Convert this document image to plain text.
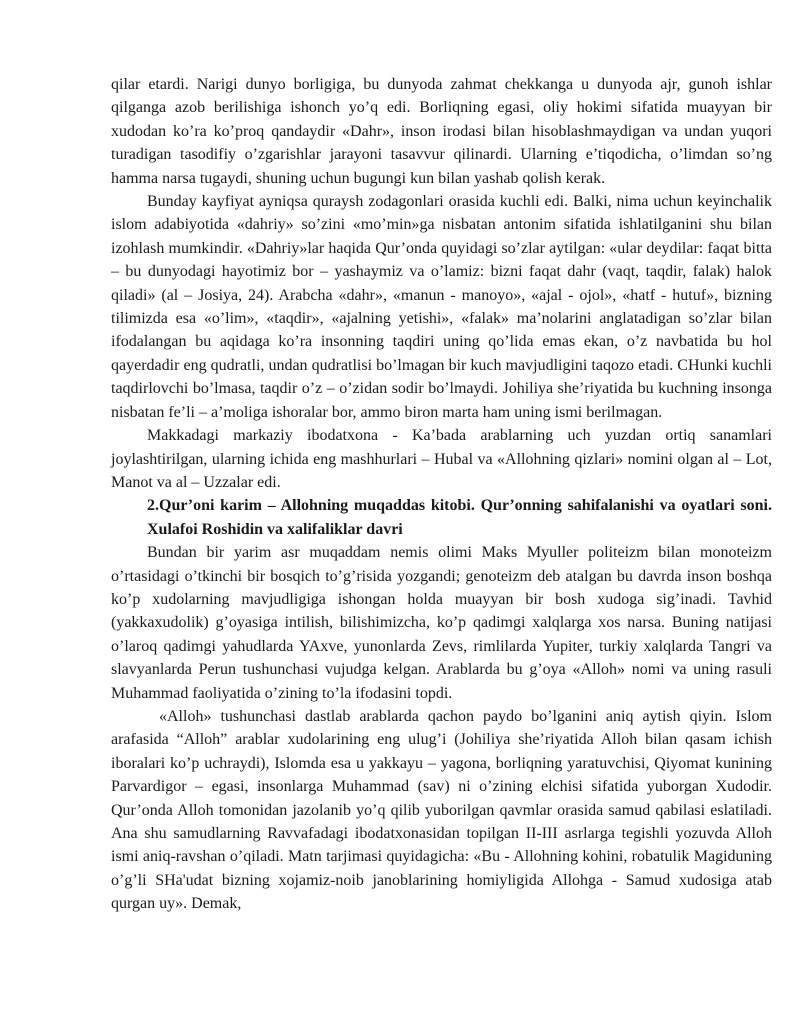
qilar etardi. Narigi dunyo borligiga, bu dunyoda zahmat chekkanga u dunyoda ajr, gunoh ishlar qilganga azob berilishiga ishonch yo’q edi. Borliqning egasi, oliy hokimi sifatida muayyan bir xudodan ko’ra ko’proq qandaydir «Dahr», inson irodasi bilan hisoblashmaydigan va undan yuqori turadigan tasodifiy o’zgarishlar jarayoni tasavvur qilinardi. Ularning e’tiqodicha, o’limdan so’ng hamma narsa tugaydi, shuning uchun bugungi kun bilan yashab qolish kerak.

Bunday kayfiyat ayniqsa quraysh zodagonlari orasida kuchli edi. Balki, nima uchun keyinchalik islom adabiyotida «dahriy» so’zini «mo’min»ga nisbatan antonim sifatida ishlatilganini shu bilan izohlash mumkindir. «Dahriy»lar haqida Qur’onda quyidagi so’zlar aytilgan: «ular deydilar: faqat bitta – bu dunyodagi hayotimiz bor – yashaymiz va o’lamiz: bizni faqat dahr (vaqt, taqdir, falak) halok qiladi» (al – Josiya, 24). Arabcha «dahr», «manun - manoyo», «ajal - ojol», «hatf - hutuf», bizning tilimizda esa «o’lim», «taqdir», «ajalning yetishi», «falak» ma’nolarini anglatadigan so’zlar bilan ifodalangan bu aqidaga ko’ra insonning taqdiri uning qo’lida emas ekan, o’z navbatida bu hol qayerdadir eng qudratli, undan qudratlisi bo’lmagan bir kuch mavjudligini taqozo etadi. CHunki kuchli taqdirlovchi bo’lmasa, taqdir o’z – o’zidan sodir bo’lmaydi. Johiliya she’riyatida bu kuchning insonga nisbatan fe’li – a’moliga ishoralar bor, ammo biron marta ham uning ismi berilmagan.

Makkadagi markaziy ibodatxona - Ka’bada arablarning uch yuzdan ortiq sanamlari joylashtirilgan, ularning ichida eng mashhurlari – Hubal va «Allohning qizlari» nomini olgan al – Lot, Manot va al – Uzzalar edi.

2.Qur’oni karim – Allohning muqaddas kitobi. Qur’onning sahifalanishi va oyatlari soni. Xulafoi Roshidin va xalifaliklar davri

Bundan bir yarim asr muqaddam nemis olimi Maks Myuller politeizm bilan monoteizm o’rtasidagi o’tkinchi bir bosqich to’g’risida yozgandi; genoteizm deb atalgan bu davrda inson boshqa ko’p xudolarning mavjudligiga ishongan holda muayyan bir bosh xudoga sig’inadi. Tavhid (yakkaxudolik) g’oyasiga intilish, bilishimizcha, ko’p qadimgi xalqlarga xos narsa. Buning natijasi o’laroq qadimgi yahudlarda YAxve, yunonlarda Zevs, rimlilarda Yupiter, turkiy xalqlarda Tangri va slavyanlarda Perun tushunchasi vujudga kelgan. Arablarda bu g’oya «Alloh» nomi va uning rasuli Muhammad faoliyatida o’zining to’la ifodasini topdi.

«Alloh» tushunchasi dastlab arablarda qachon paydo bo’lganini aniq aytish qiyin. Islom arafasida “Alloh” arablar xudolarining eng ulug’i (Johiliya she’riyatida Alloh bilan qasam ichish iboralari ko’p uchraydi), Islomda esa u yakkayu – yagona, borliqning yaratuvchisi, Qiyomat kunining Parvardigor – egasi, insonlarga Muhammad (sav) ni o’zining elchisi sifatida yuborgan Xudodir. Qur’onda Alloh tomonidan jazolanib yo’q qilib yuborilgan qavmlar orasida samud qabilasi eslatiladi. Ana shu samudlarning Ravvafadagi ibodatxonasidan topilgan II-III asrlarga tegishli yozuvda Alloh ismi aniq-ravshan o’qiladi. Matn tarjimasi quyidagicha: «Bu - Allohning kohini, robatulik Magiduning o’g’li SHa'udat bizning xojamiz-noib janoblarining homiyligida Allohga - Samud xudosiga atab qurgan uy». Demak,
